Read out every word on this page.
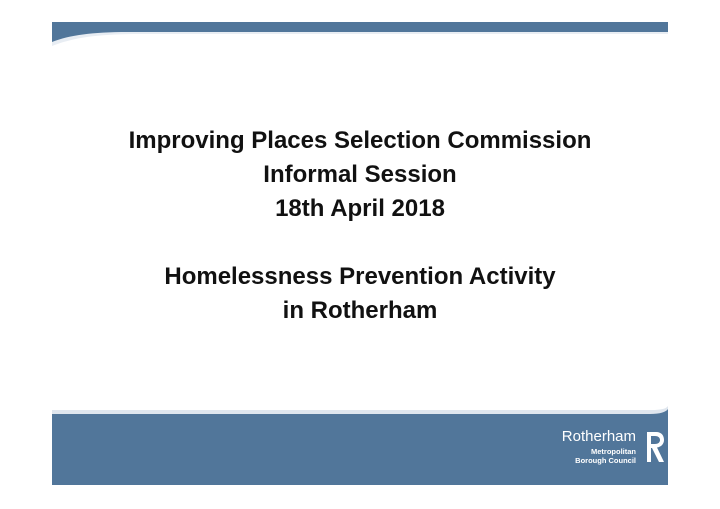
Improving Places Selection Commission
Informal Session
18th April 2018
Homelessness Prevention Activity
in Rotherham
Rotherham
Metropolitan
Borough Council
